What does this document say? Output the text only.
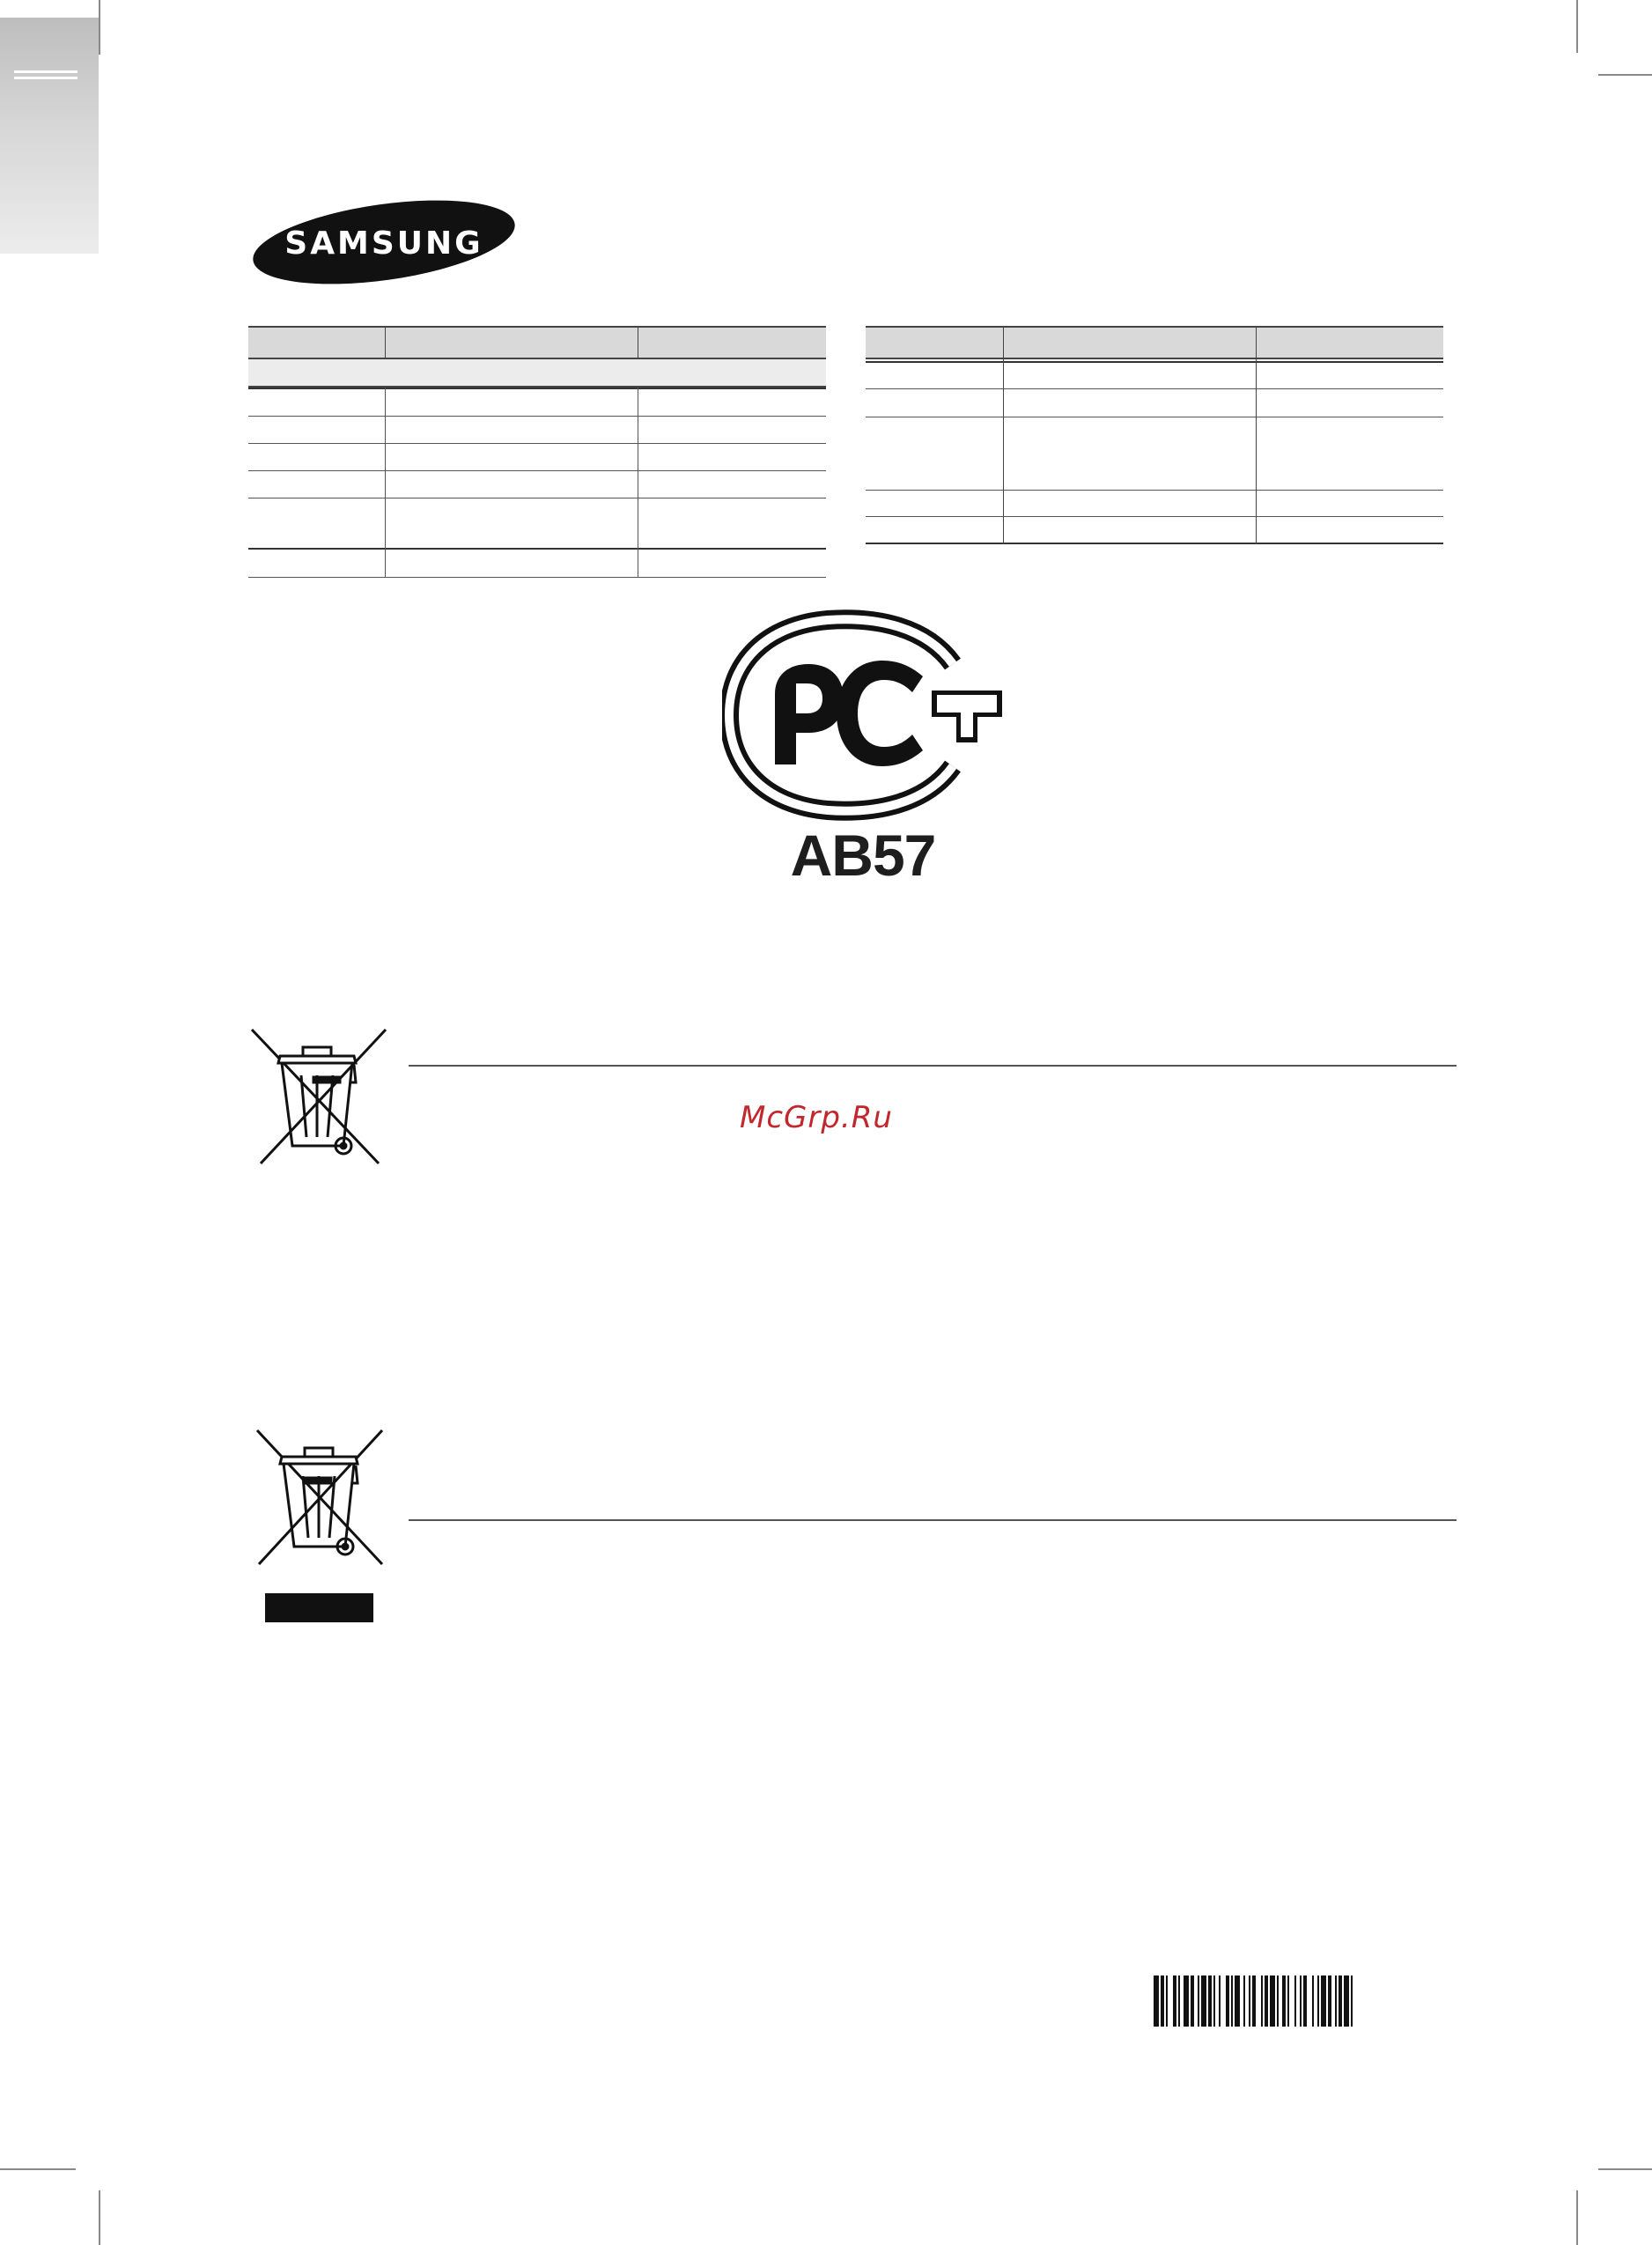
SAMSUNG
AB57
McGrp.Ru
